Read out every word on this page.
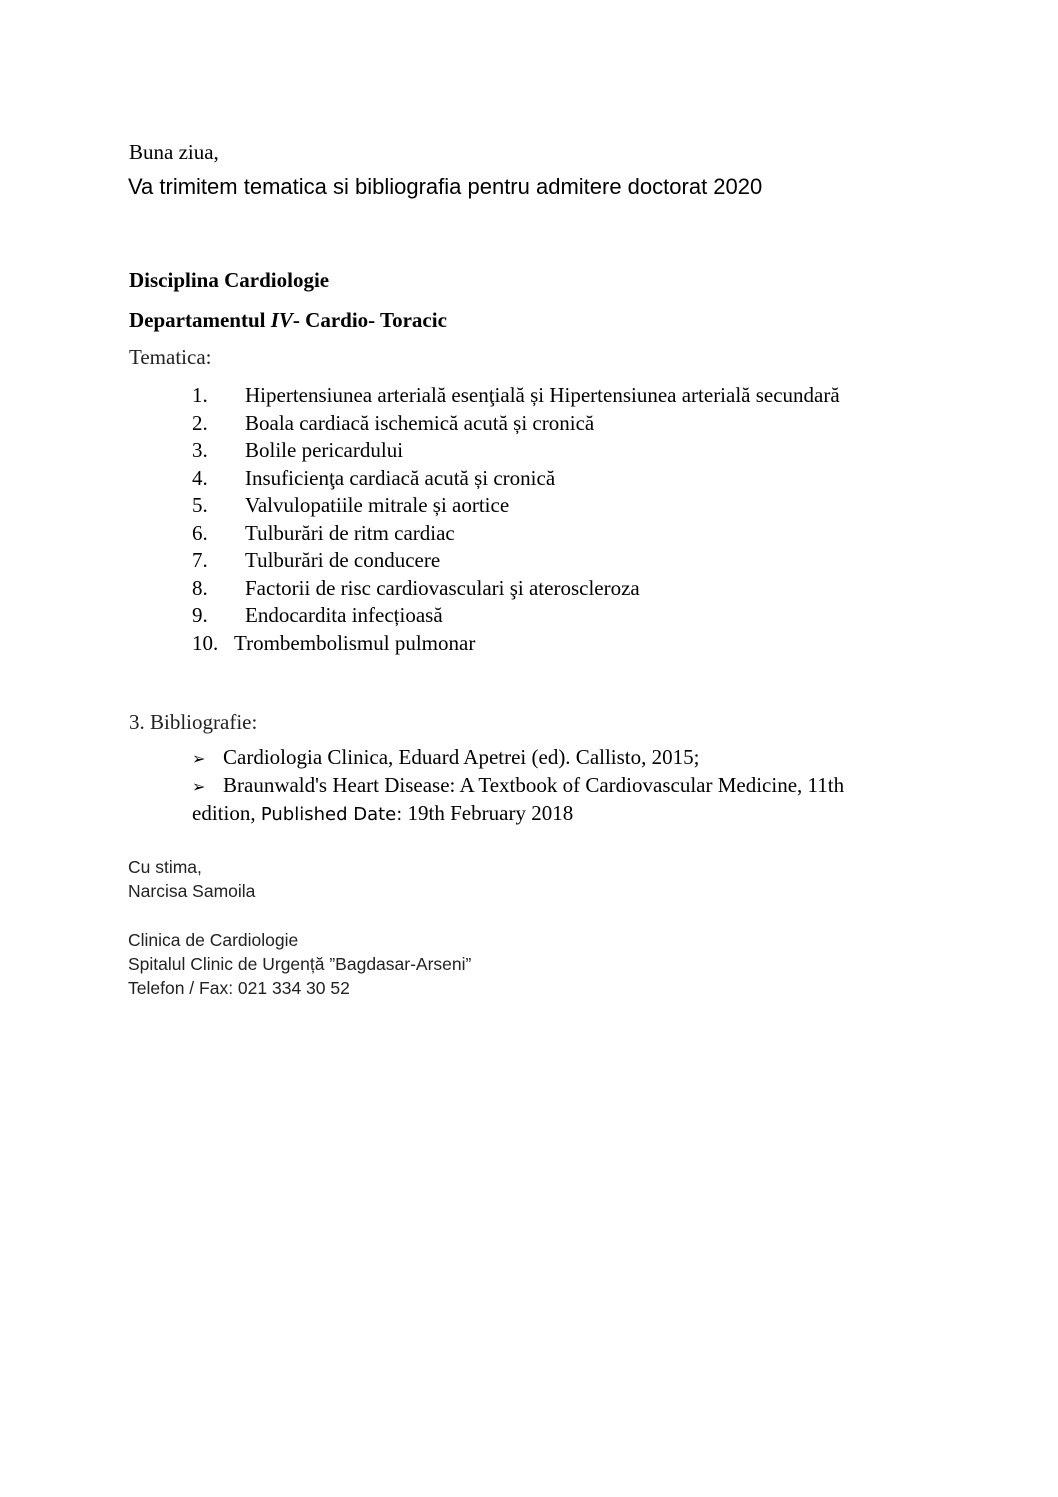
Buna ziua,
Va trimitem tematica si bibliografia pentru admitere doctorat 2020
Disciplina Cardiologie
Departamentul IV- Cardio- Toracic
Tematica:
1. Hipertensiunea arterială esenţială și Hipertensiunea arterială secundară
2. Boala cardiacă ischemică acută și cronică
3. Bolile pericardului
4. Insuficienţa cardiacă acută și cronică
5. Valvulopatiile mitrale și aortice
6. Tulburări de ritm cardiac
7. Tulburări de conducere
8. Factorii de risc cardiovasculari şi ateroscleroza
9. Endocardita infecțioasă
10. Trombembolismul pulmonar
3. Bibliografie:
➢ Cardiologia Clinica, Eduard Apetrei (ed). Callisto, 2015;
➢ Braunwald's Heart Disease: A Textbook of Cardiovascular Medicine, 11th
edition, Published Date: 19th February 2018
Cu stima,
Narcisa Samoila
Clinica de Cardiologie
Spitalul Clinic de Urgență ”Bagdasar-Arseni”
Telefon / Fax: 021 334 30 52
